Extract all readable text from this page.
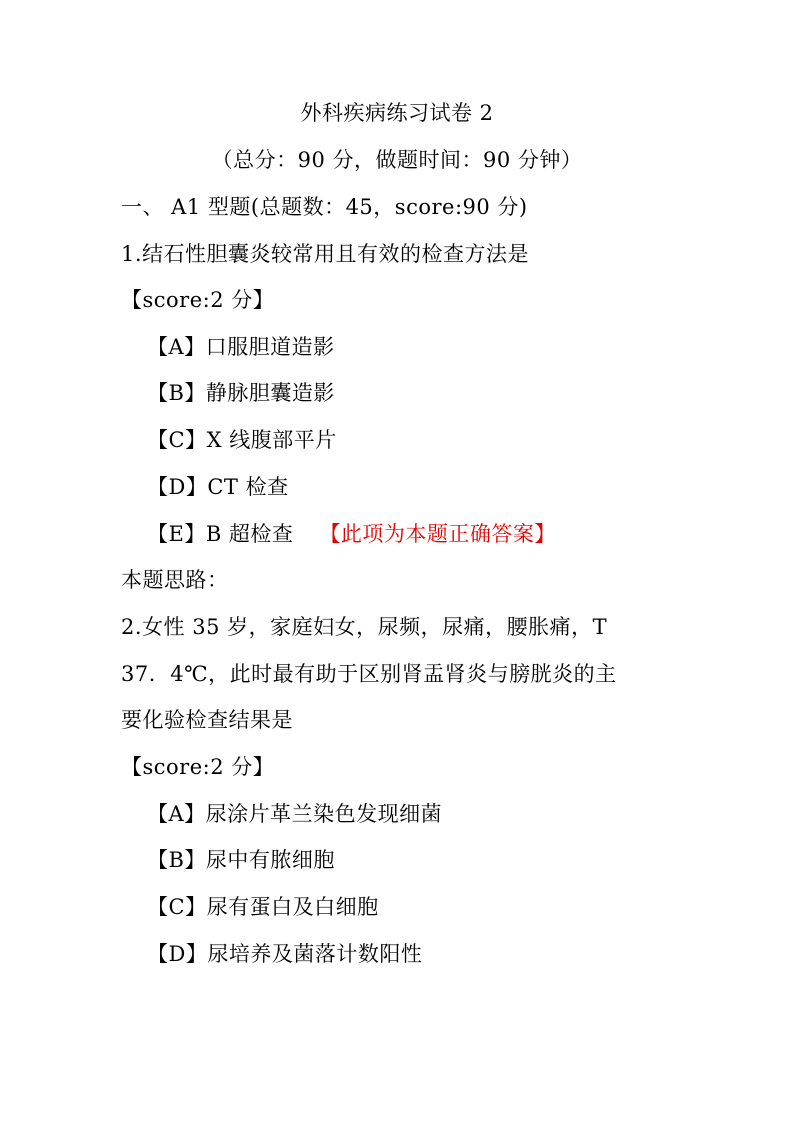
外科疾病练习试卷 2
（总分：90 分，做题时间：90 分钟）
一、 A1 型题(总题数：45，score:90 分)
1.结石性胆囊炎较常用且有效的检查方法是
【score:2 分】
【A】口服胆道造影
【B】静脉胆囊造影
【C】X 线腹部平片
【D】CT 检查
【E】B 超检查 【此项为本题正确答案】
本题思路：
2.女性 35 岁，家庭妇女，尿频，尿痛，腰胀痛，T
37．4℃，此时最有助于区别肾盂肾炎与膀胱炎的主
要化验检查结果是
【score:2 分】
【A】尿涂片革兰染色发现细菌
【B】尿中有脓细胞
【C】尿有蛋白及白细胞
【D】尿培养及菌落计数阳性
